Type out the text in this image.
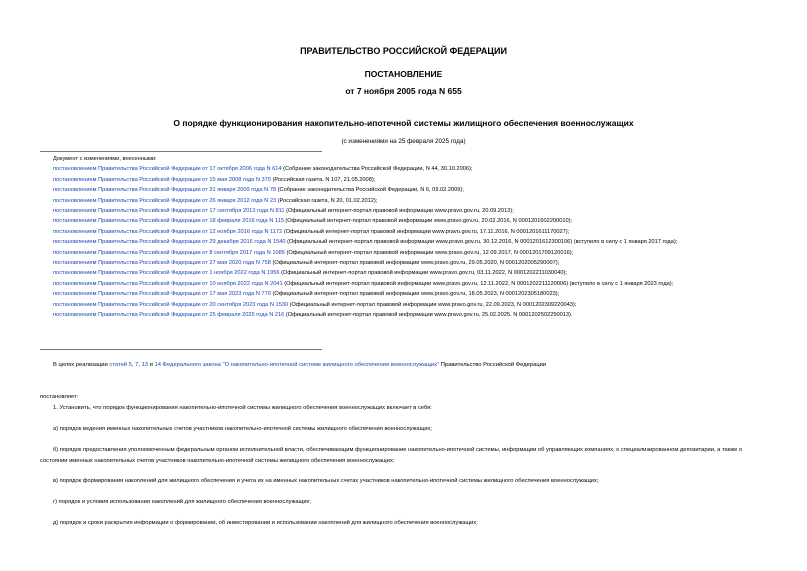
ПРАВИТЕЛЬСТВО РОССИЙСКОЙ ФЕДЕРАЦИИ
ПОСТАНОВЛЕНИЕ
от 7 ноября 2005 года N 655
О порядке функционирования накопительно-ипотечной системы жилищного обеспечения военнослужащих
(с изменениями на 25 февраля 2025 года)
Документ с изменениями, внесенными:
постановлением Правительства Российской Федерации от 17 октября 2006 года N 614 (Собрание законодательства Российской Федерации, N 44, 30.10.2006);
постановлением Правительства Российской Федерации от 15 мая 2008 года N 370 (Российская газета, N 107, 21.05.2008);
постановлением Правительства Российской Федерации от 31 января 2009 года N 78 (Собрание законодательства Российской Федерации, N 6, 09.02.2009);
постановлением Правительства Российской Федерации от 26 января 2012 года N 23 (Российская газета, N 20, 01.02.2012);
постановлением Правительства Российской Федерации от 17 сентября 2013 года N 811 (Официальный интернет-портал правовой информации www.pravo.gov.ru, 20.09.2013);
постановлением Правительства Российской Федерации от 18 февраля 2016 года N 115 (Официальный интернет-портал правовой информации www.pravo.gov.ru, 20.02.2016, N 0001201602200010);
постановлением Правительства Российской Федерации от 12 ноября 2016 года N 1172 (Официальный интернет-портал правовой информации www.pravo.gov.ru, 17.11.2016, N 0001201611170027);
постановлением Правительства Российской Федерации от 29 декабря 2016 года N 1540 (Официальный интернет-портал правовой информации www.pravo.gov.ru, 30.12.2016, N 0001201612300106) (вступило в силу с 1 января 2017 года);
постановлением Правительства Российской Федерации от 8 сентября 2017 года N 1085 (Официальный интернет-портал правовой информации www.pravo.gov.ru, 12.09.2017, N 0001201709120016);
постановлением Правительства Российской Федерации от 27 мая 2020 года N 758 (Официальный интернет-портал правовой информации www.pravo.gov.ru, 29.05.2020, N 0001202005290007);
постановлением Правительства Российской Федерации от 1 ноября 2022 года N 1956 (Официальный интернет-портал правовой информации www.pravo.gov.ru, 03.11.2022, N 0001202211030040);
постановлением Правительства Российской Федерации от 10 ноября 2022 года N 2041 (Официальный интернет-портал правовой информации www.pravo.gov.ru, 12.11.2022, N 0001202211120006) (вступило в силу с 1 января 2023 года);
постановлением Правительства Российской Федерации от 17 мая 2023 года N 770 (Официальный интернет-портал правовой информации www.pravo.gov.ru, 18.05.2023, N 0001202305180023);
постановлением Правительства Российской Федерации от 20 сентября 2023 года N 1530 (Официальный интернет-портал правовой информации www.pravo.gov.ru, 22.09.2023, N 0001202309220043);
постановлением Правительства Российской Федерации от 25 февраля 2025 года N 216 (Официальный интернет-портал правовой информации www.pravo.gov.ru, 25.02.2025, N 0001202502250013).
В целях реализации статей 5, 7, 13 и 14 Федерального закона "О накопительно-ипотечной системе жилищного обеспечения военнослужащих" Правительство Российской Федерации
постановляет:
1. Установить, что порядок функционирования накопительно-ипотечной системы жилищного обеспечения военнослужащих включает в себя:
а) порядок ведения именных накопительных счетов участников накопительно-ипотечной системы жилищного обеспечения военнослужащих;
б) порядок предоставления уполномоченным федеральным органом исполнительной власти, обеспечивающим функционирование накопительно-ипотечной системы, информации об управляющих компаниях, о специализированном депозитарии, а также о состоянии именных накопительных счетов участников накопительно-ипотечной системы жилищного обеспечения военнослужащих;
в) порядок формирования накоплений для жилищного обеспечения и учета их на именных накопительных счетах участников накопительно-ипотечной системы жилищного обеспечения военнослужащих;
г) порядок и условия использования накоплений для жилищного обеспечения военнослужащих;
д) порядок и сроки раскрытия информации о формировании, об инвестировании и использовании накоплений для жилищного обеспечения военнослужащих;
